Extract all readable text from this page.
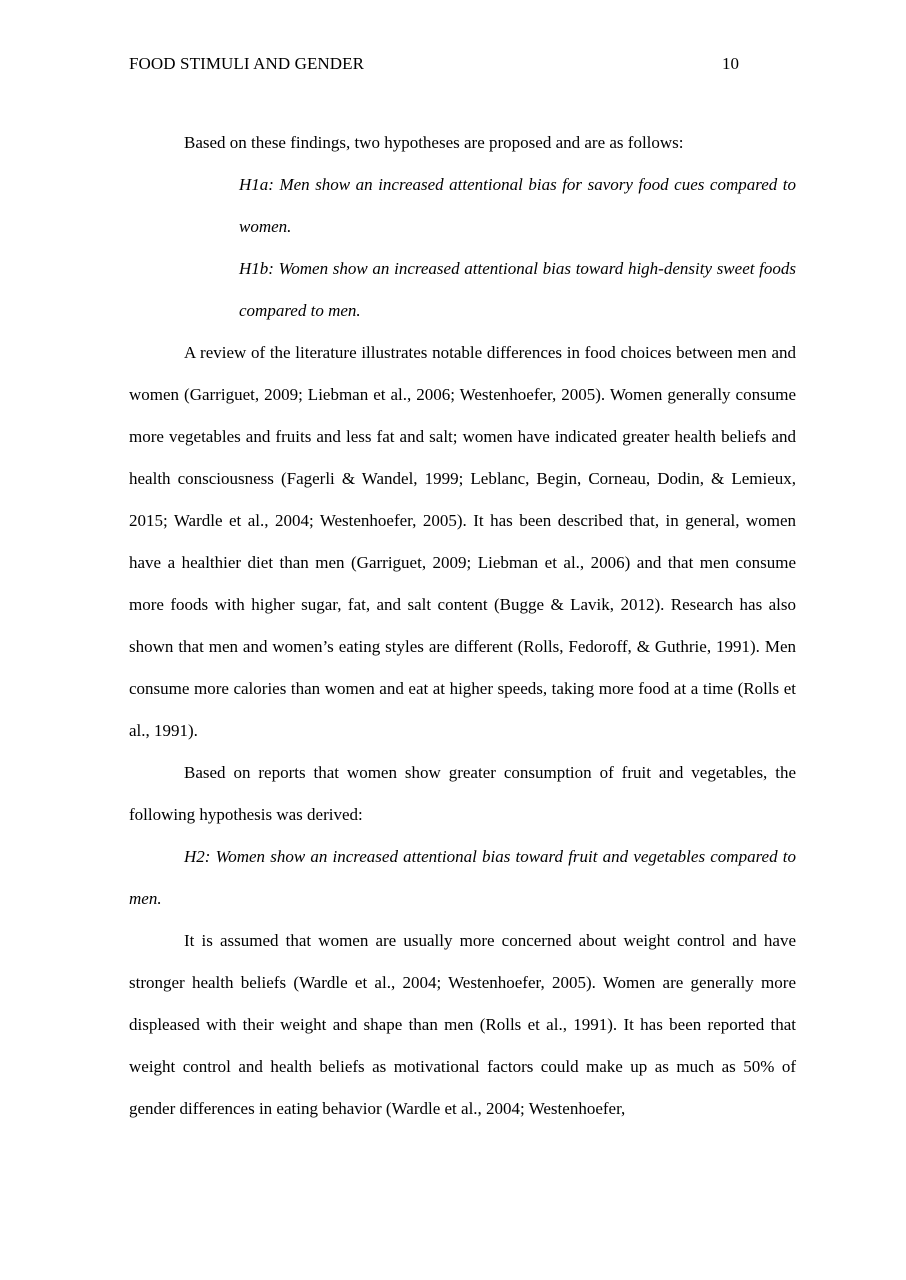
FOOD STIMULI AND GENDER	10

Based on these findings, two hypotheses are proposed and are as follows:

H1a: Men show an increased attentional bias for savory food cues compared to women.

H1b: Women show an increased attentional bias toward high-density sweet foods compared to men.

A review of the literature illustrates notable differences in food choices between men and women (Garriguet, 2009; Liebman et al., 2006; Westenhoefer, 2005). Women generally consume more vegetables and fruits and less fat and salt; women have indicated greater health beliefs and health consciousness (Fagerli & Wandel, 1999; Leblanc, Begin, Corneau, Dodin, & Lemieux, 2015; Wardle et al., 2004; Westenhoefer, 2005). It has been described that, in general, women have a healthier diet than men (Garriguet, 2009; Liebman et al., 2006) and that men consume more foods with higher sugar, fat, and salt content (Bugge & Lavik, 2012). Research has also shown that men and women’s eating styles are different (Rolls, Fedoroff, & Guthrie, 1991). Men consume more calories than women and eat at higher speeds, taking more food at a time (Rolls et al., 1991).

Based on reports that women show greater consumption of fruit and vegetables, the following hypothesis was derived:

H2: Women show an increased attentional bias toward fruit and vegetables compared to men.

It is assumed that women are usually more concerned about weight control and have stronger health beliefs (Wardle et al., 2004; Westenhoefer, 2005). Women are generally more displeased with their weight and shape than men (Rolls et al., 1991). It has been reported that weight control and health beliefs as motivational factors could make up as much as 50% of gender differences in eating behavior (Wardle et al., 2004; Westenhoefer,
